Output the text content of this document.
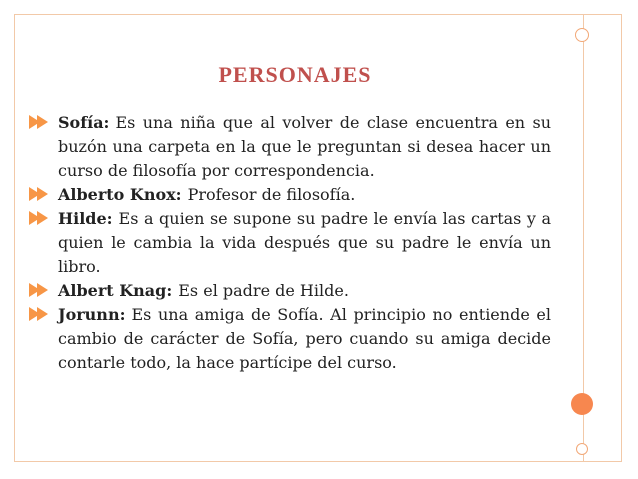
PERSONAJES
Sofía: Es una niña que al volver de clase encuentra en su buzón una carpeta en la que le preguntan si desea hacer un curso de filosofía por correspondencia.
Alberto Knox: Profesor de filosofía.
Hilde: Es a quien se supone su padre le envía las cartas y a quien le cambia la vida después que su padre le envía un libro.
Albert Knag: Es el padre de Hilde.
Jorunn: Es una amiga de Sofía. Al principio no entiende el cambio de carácter de Sofía, pero cuando su amiga decide contarle todo, la hace partícipe del curso.
